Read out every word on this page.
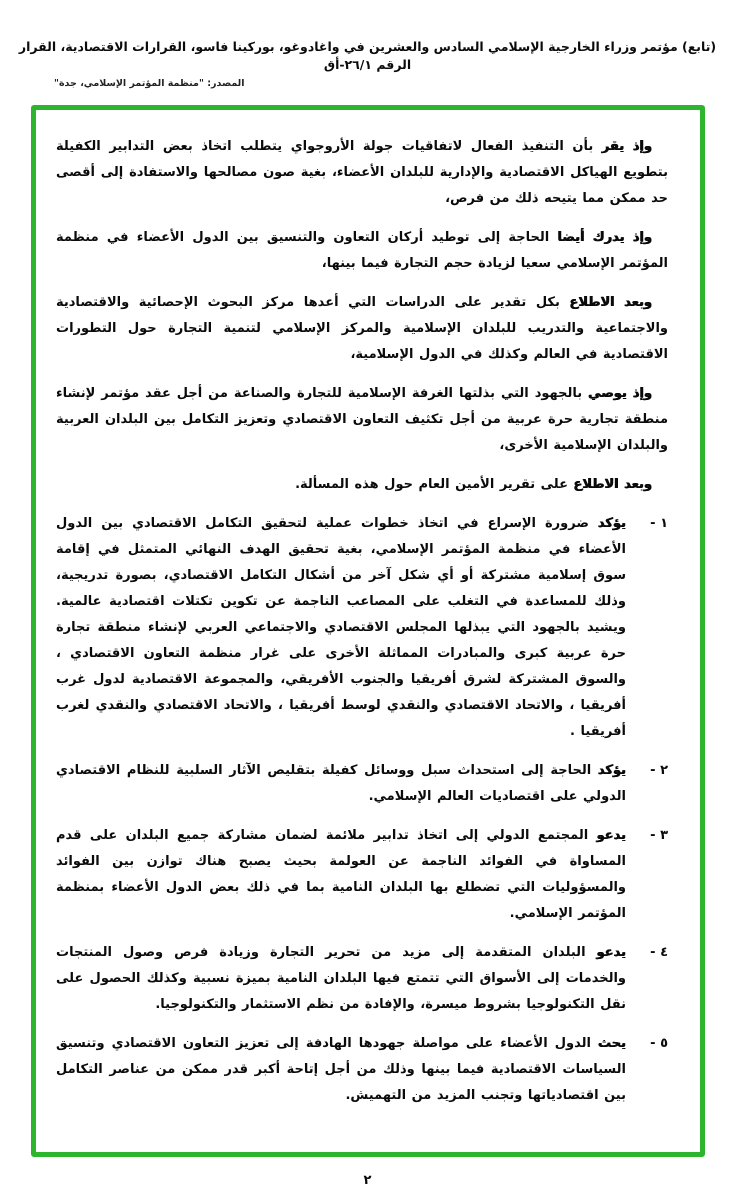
(تابع) مؤتمر وزراء الخارجية الإسلامي السادس والعشرين في واغادوغو، بوركينا فاسو، القرارات الاقتصادية، القرار الرقم ٢٦/١-أق
المصدر: "منظمة المؤتمر الإسلامي، جدة"

وإذ يقر بأن التنفيذ الفعال لاتفاقيات جولة الأروجواي يتطلب اتخاذ بعض التدابير الكفيلة بتطويع الهياكل الاقتصادية والإدارية للبلدان الأعضاء، بغية صون مصالحها والاستفادة إلى أقصى حد ممكن مما يتيحه ذلك من فرص،

وإذ يدرك أيضا الحاجة إلى توطيد أركان التعاون والتنسيق بين الدول الأعضاء في منظمة المؤتمر الإسلامي سعيا لزيادة حجم التجارة فيما بينها،

وبعد الاطلاع بكل تقدير على الدراسات التي أعدها مركز البحوث الإحصائية والاقتصادية والاجتماعية والتدريب للبلدان الإسلامية والمركز الإسلامي لتنمية التجارة حول التطورات الاقتصادية في العالم وكذلك في الدول الإسلامية،

وإذ يوصي بالجهود التي بذلتها الغرفة الإسلامية للتجارة والصناعة من أجل عقد مؤتمر لإنشاء منطقة تجارية حرة عربية من أجل تكثيف التعاون الاقتصادي وتعزيز التكامل بين البلدان العربية والبلدان الإسلامية الأخرى،

وبعد الاطلاع على تقرير الأمين العام حول هذه المسألة.

١ -

يؤكد ضرورة الإسراع في اتخاذ خطوات عملية لتحقيق التكامل الاقتصادي بين الدول الأعضاء في منظمة المؤتمر الإسلامي، بغية تحقيق الهدف النهائي المتمثل في إقامة سوق إسلامية مشتركة أو أي شكل آخر من أشكال التكامل الاقتصادي، بصورة تدريجية، وذلك للمساعدة في التغلب على المصاعب الناجمة عن تكوين تكتلات اقتصادية عالمية. ويشيد بالجهود التي يبذلها المجلس الاقتصادي والاجتماعي العربي لإنشاء منطقة تجارة حرة عربية كبرى والمبادرات المماثلة الأخرى على غرار منظمة التعاون الاقتصادي ، والسوق المشتركة لشرق أفريقيا والجنوب الأفريقي، والمجموعة الاقتصادية لدول غرب أفريقيا ، والاتحاد الاقتصادي والنقدي لوسط أفريقيا ، والاتحاد الاقتصادي والنقدي لغرب أفريقيا .

٢ -

يؤكد الحاجة إلى استحداث سبل ووسائل كفيلة بتقليص الآثار السلبية للنظام الاقتصادي الدولي على اقتصاديات العالم الإسلامي.

٣ -

يدعو المجتمع الدولي إلى اتخاذ تدابير ملائمة لضمان مشاركة جميع البلدان على قدم المساواة في الفوائد الناجمة عن العولمة بحيث يصبح هناك توازن بين الفوائد والمسؤوليات التي تضطلع بها البلدان النامية بما في ذلك بعض الدول الأعضاء بمنظمة المؤتمر الإسلامي.

٤ -

يدعو البلدان المتقدمة إلى مزيد من تحرير التجارة وزيادة فرص وصول المنتجات والخدمات إلى الأسواق التي تتمتع فيها البلدان النامية بميزة نسبية وكذلك الحصول على نقل التكنولوجيا بشروط ميسرة، والإفادة من نظم الاستثمار والتكنولوجيا.

٥ -

يحث الدول الأعضاء على مواصلة جهودها الهادفة إلى تعزيز التعاون الاقتصادي وتنسيق السياسات الاقتصادية فيما بينها وذلك من أجل إتاحة أكبر قدر ممكن من عناصر التكامل بين اقتصادياتها وتجنب المزيد من التهميش.

٢
